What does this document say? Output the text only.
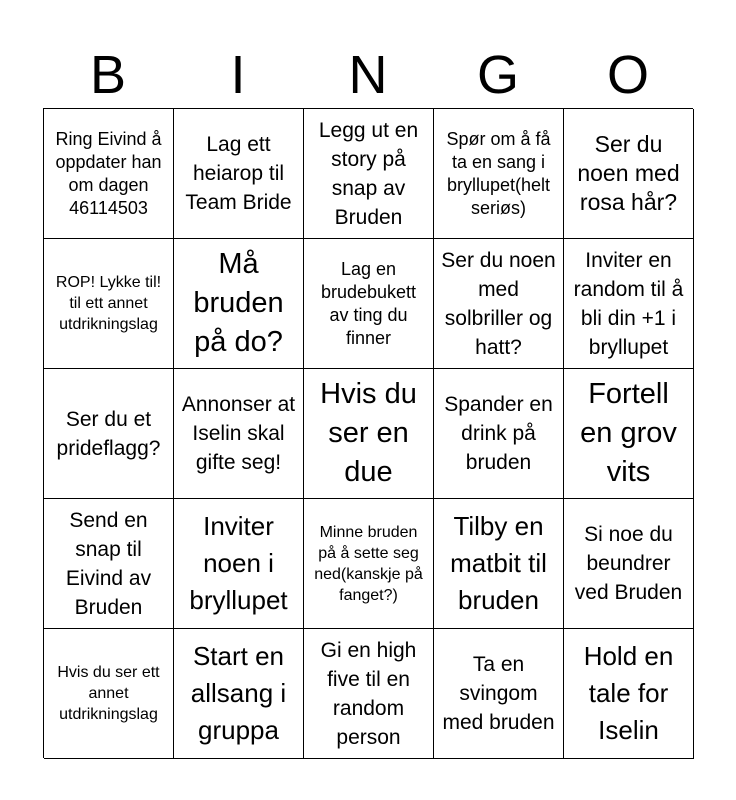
B	I	N	G	O
Ring Eivind å oppdater han om dagen 46114503
Lag ett heiarop til Team Bride
Legg ut en story på snap av Bruden
Spør om å få ta en sang i bryllupet(helt seriøs)
Ser du noen med rosa hår?
ROP! Lykke til! til ett annet utdrikningslag
Må bruden på do?
Lag en brudebukett av ting du finner
Ser du noen med solbriller og hatt?
Inviter en random til å bli din +1 i bryllupet
Ser du et prideflagg?
Annonser at Iselin skal gifte seg!
Hvis du ser en due
Spander en drink på bruden
Fortell en grov vits
Send en snap til Eivind av Bruden
Inviter noen i bryllupet
Minne bruden på å sette seg ned(kanskje på fanget?)
Tilby en matbit til bruden
Si noe du beundrer ved Bruden
Hvis du ser ett annet utdrikningslag
Start en allsang i gruppa
Gi en high five til en random person
Ta en svingom med bruden
Hold en tale for Iselin
